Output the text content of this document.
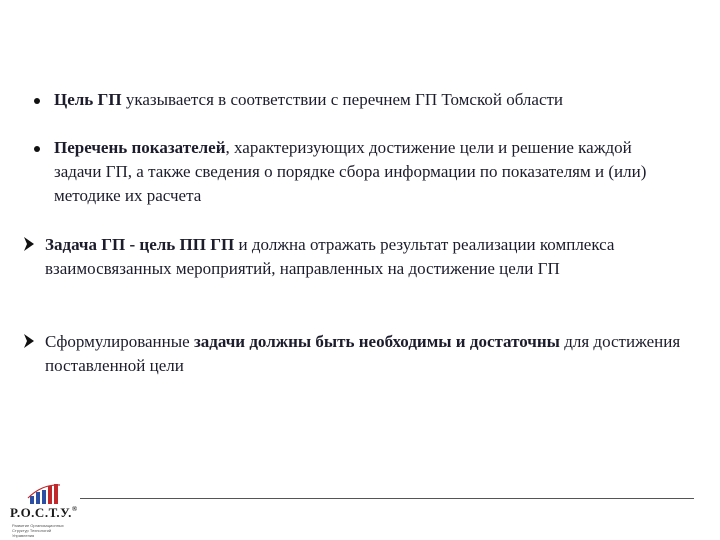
Цель ГП указывается в соответствии с перечнем ГП Томской области
Перечень показателей, характеризующих достижение цели и решение каждой задачи ГП, а также сведения о порядке сбора информации по показателям и (или) методике их расчета
Задача ГП - цель ПП ГП и должна отражать результат реализации комплекса взаимосвязанных мероприятий, направленных на достижение цели ГП
Сформулированные задачи должны быть необходимы и достаточны для достижения поставленной цели
Р.О.С.Т.У.®
Развитие Организационных Структур Технологий Управления
